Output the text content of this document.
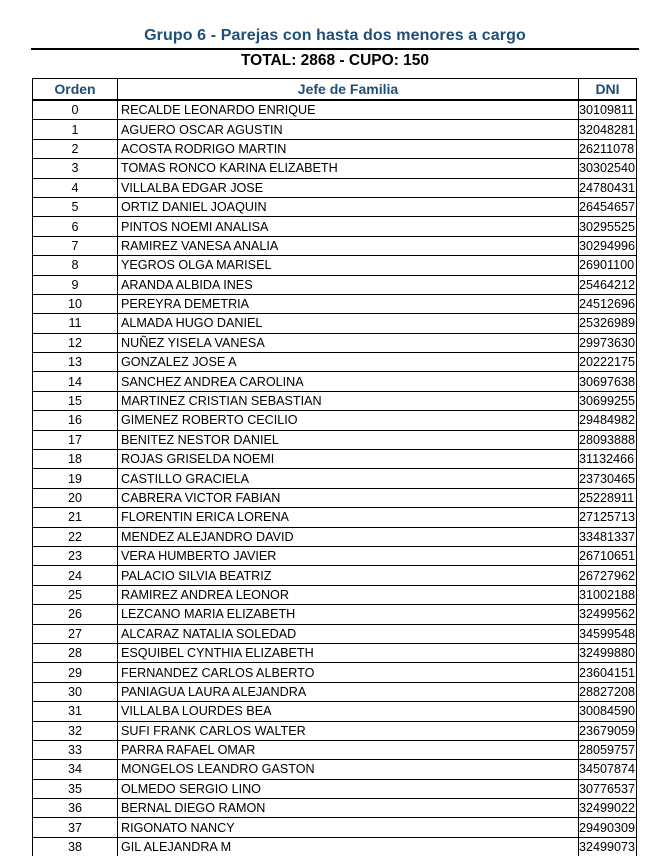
Grupo 6 - Parejas con hasta dos menores a cargo
TOTAL: 2868 - CUPO: 150
Orden	Jefe de Familia	DNI
0	RECALDE LEONARDO ENRIQUE	30109811
1	AGUERO OSCAR AGUSTIN	32048281
2	ACOSTA RODRIGO MARTIN	26211078
3	TOMAS RONCO KARINA ELIZABETH	30302540
4	VILLALBA EDGAR JOSE	24780431
5	ORTIZ DANIEL JOAQUIN	26454657
6	PINTOS NOEMI ANALISA	30295525
7	RAMIREZ VANESA ANALIA	30294996
8	YEGROS OLGA MARISEL	26901100
9	ARANDA ALBIDA INES	25464212
10	PEREYRA DEMETRIA	24512696
11	ALMADA HUGO DANIEL	25326989
12	NUÑEZ YISELA VANESA	29973630
13	GONZALEZ JOSE A	20222175
14	SANCHEZ ANDREA CAROLINA	30697638
15	MARTINEZ CRISTIAN SEBASTIAN	30699255
16	GIMENEZ ROBERTO CECILIO	29484982
17	BENITEZ NESTOR DANIEL	28093888
18	ROJAS GRISELDA NOEMI	31132466
19	CASTILLO GRACIELA	23730465
20	CABRERA VICTOR FABIAN	25228911
21	FLORENTIN ERICA LORENA	27125713
22	MENDEZ ALEJANDRO DAVID	33481337
23	VERA HUMBERTO JAVIER	26710651
24	PALACIO SILVIA BEATRIZ	26727962
25	RAMIREZ ANDREA LEONOR	31002188
26	LEZCANO MARIA ELIZABETH	32499562
27	ALCARAZ NATALIA SOLEDAD	34599548
28	ESQUIBEL CYNTHIA ELIZABETH	32499880
29	FERNANDEZ CARLOS ALBERTO	23604151
30	PANIAGUA LAURA ALEJANDRA	28827208
31	VILLALBA LOURDES BEA	30084590
32	SUFI FRANK CARLOS WALTER	23679059
33	PARRA RAFAEL OMAR	28059757
34	MONGELOS LEANDRO GASTON	34507874
35	OLMEDO SERGIO LINO	30776537
36	BERNAL DIEGO RAMON	32499022
37	RIGONATO NANCY	29490309
38	GIL ALEJANDRA M	32499073
